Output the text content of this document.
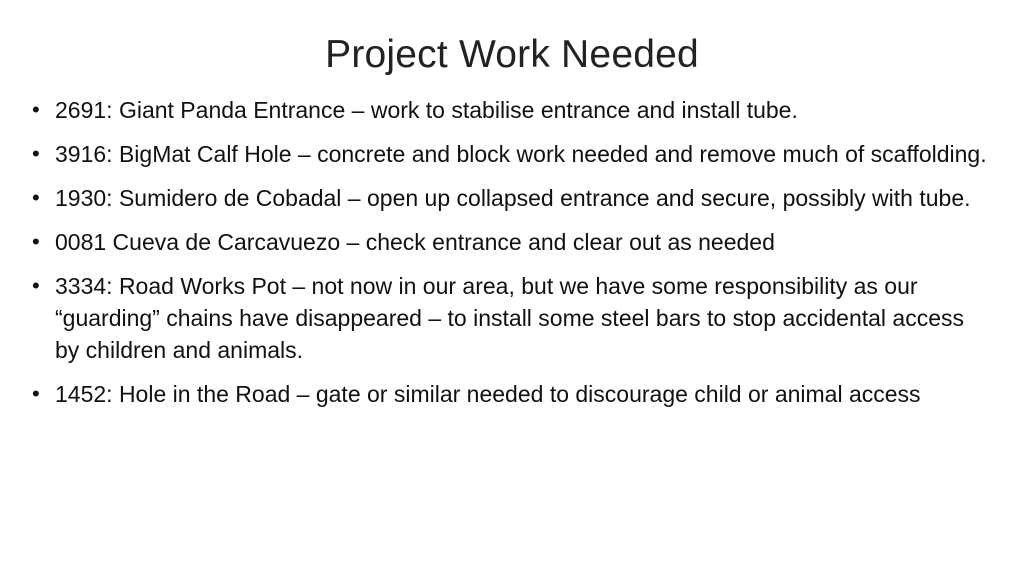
Project Work Needed
• 2691: Giant Panda Entrance – work to stabilise entrance and install tube.
• 3916: BigMat Calf Hole – concrete and block work needed and remove much of scaffolding.
• 1930: Sumidero de Cobadal – open up collapsed entrance and secure, possibly with tube.
• 0081 Cueva de Carcavuezo – check entrance and clear out as needed
• 3334: Road Works Pot – not now in our area, but we have some responsibility as our “guarding” chains have disappeared – to install some steel bars to stop accidental access by children and animals.
• 1452: Hole in the Road – gate or similar needed to discourage child or animal access
